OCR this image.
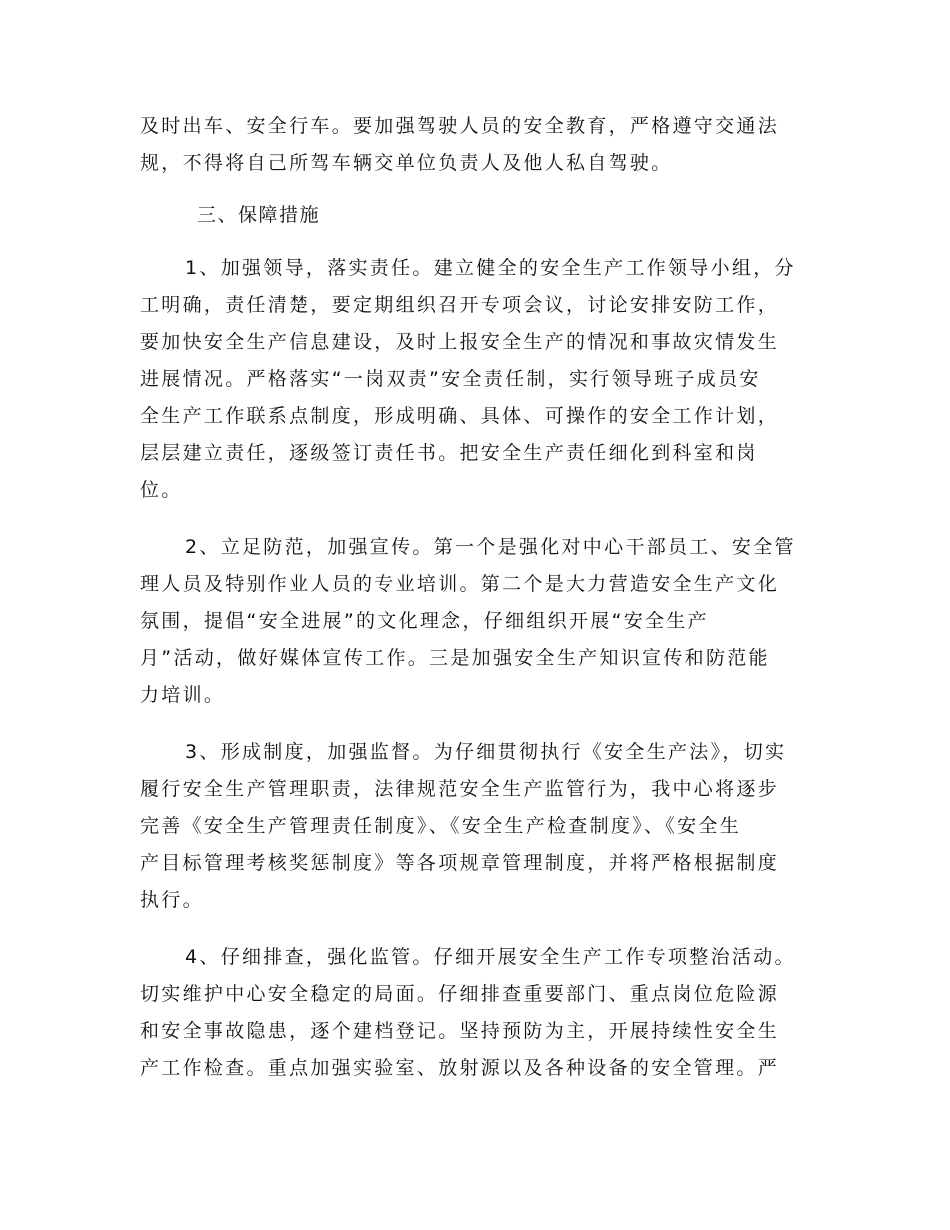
及时出车、安全行车。要加强驾驶人员的安全教育，严格遵守交通法
规，不得将自己所驾车辆交单位负责人及他人私自驾驶。
三、保障措施
1、加强领导，落实责任。建立健全的安全生产工作领导小组，分
工明确，责任清楚，要定期组织召开专项会议，讨论安排安防工作，
要加快安全生产信息建设，及时上报安全生产的情况和事故灾情发生
进展情况。严格落实“一岗双责”安全责任制，实行领导班子成员安
全生产工作联系点制度，形成明确、具体、可操作的安全工作计划，
层层建立责任，逐级签订责任书。把安全生产责任细化到科室和岗
位。
2、立足防范，加强宣传。第一个是强化对中心干部员工、安全管
理人员及特别作业人员的专业培训。第二个是大力营造安全生产文化
氛围，提倡“安全进展”的文化理念，仔细组织开展“安全生产
月”活动，做好媒体宣传工作。三是加强安全生产知识宣传和防范能
力培训。
3、形成制度，加强监督。为仔细贯彻执行《安全生产法》，切实
履行安全生产管理职责，法律规范安全生产监管行为，我中心将逐步
完善《安全生产管理责任制度》、《安全生产检查制度》、《安全生
产目标管理考核奖惩制度》等各项规章管理制度，并将严格根据制度
执行。
4、仔细排查，强化监管。仔细开展安全生产工作专项整治活动。
切实维护中心安全稳定的局面。仔细排查重要部门、重点岗位危险源
和安全事故隐患，逐个建档登记。坚持预防为主，开展持续性安全生
产工作检查。重点加强实验室、放射源以及各种设备的安全管理。严
